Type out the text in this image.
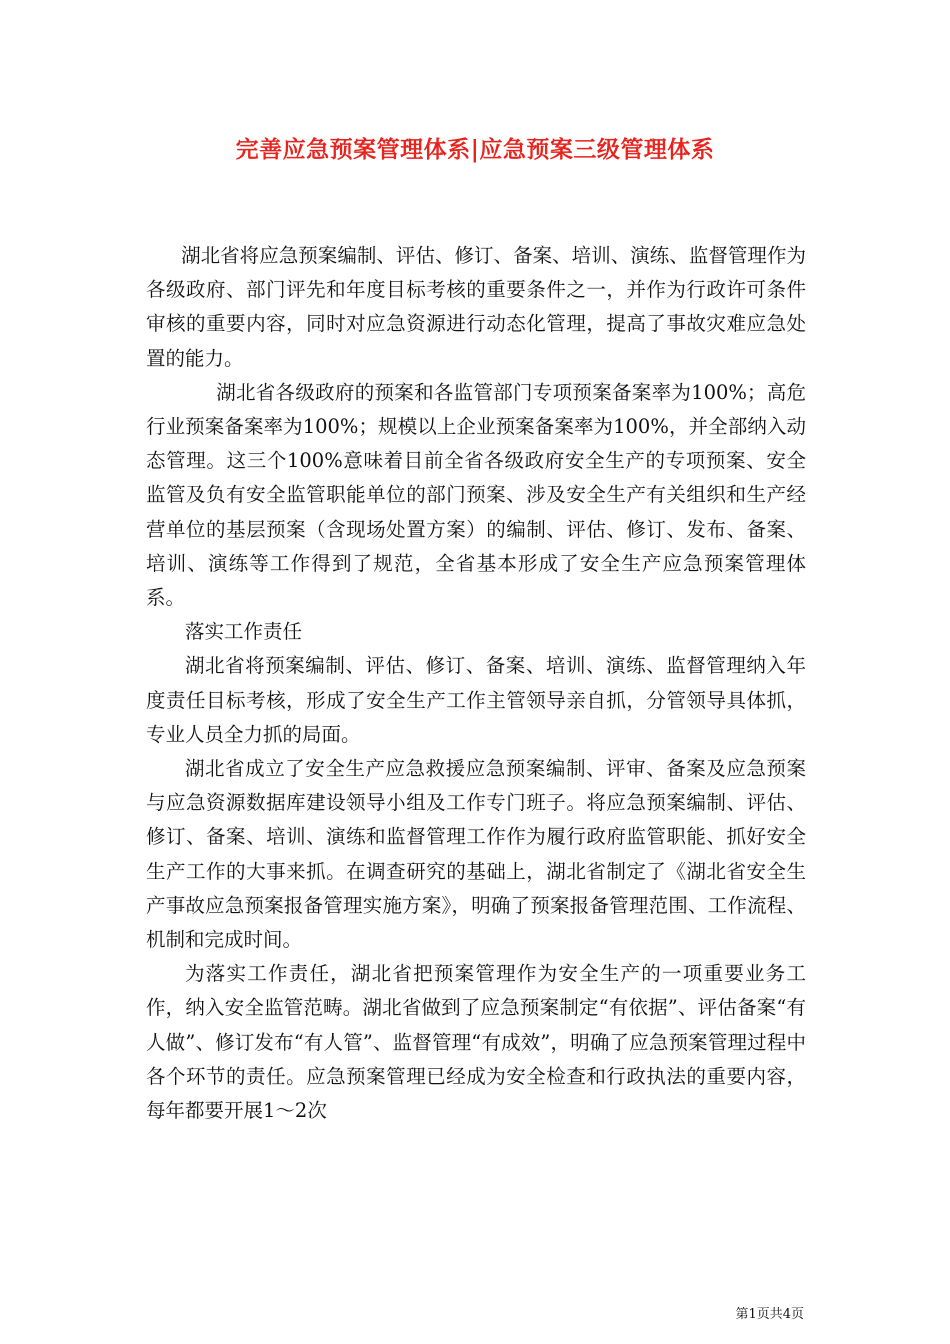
完善应急预案管理体系|应急预案三级管理体系

湖北省将应急预案编制、评估、修订、备案、培训、演练、监督管理作为各级政府、部门评先和年度目标考核的重要条件之一，并作为行政许可条件审核的重要内容，同时对应急资源进行动态化管理，提高了事故灾难应急处置的能力。

湖北省各级政府的预案和各监管部门专项预案备案率为100%；高危行业预案备案率为100%；规模以上企业预案备案率为100%，并全部纳入动态管理。这三个100%意味着目前全省各级政府安全生产的专项预案、安全监管及负有安全监管职能单位的部门预案、涉及安全生产有关组织和生产经营单位的基层预案（含现场处置方案）的编制、评估、修订、发布、备案、培训、演练等工作得到了规范，全省基本形成了安全生产应急预案管理体系。

落实工作责任

湖北省将预案编制、评估、修订、备案、培训、演练、监督管理纳入年度责任目标考核，形成了安全生产工作主管领导亲自抓，分管领导具体抓，专业人员全力抓的局面。

湖北省成立了安全生产应急救援应急预案编制、评审、备案及应急预案与应急资源数据库建设领导小组及工作专门班子。将应急预案编制、评估、修订、备案、培训、演练和监督管理工作作为履行政府监管职能、抓好安全生产工作的大事来抓。在调查研究的基础上，湖北省制定了《湖北省安全生产事故应急预案报备管理实施方案》，明确了预案报备管理范围、工作流程、机制和完成时间。

为落实工作责任，湖北省把预案管理作为安全生产的一项重要业务工作，纳入安全监管范畴。湖北省做到了应急预案制定“有依据”、评估备案“有人做”、修订发布“有人管”、监督管理“有成效”，明确了应急预案管理过程中各个环节的责任。应急预案管理已经成为安全检查和行政执法的重要内容，每年都要开展1～2次

第1页共4页
